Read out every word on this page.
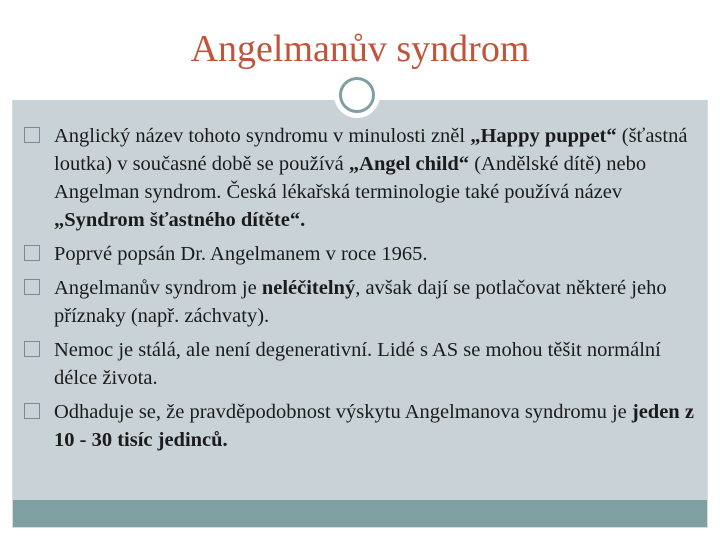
Angelmanův syndrom
Anglický název tohoto syndromu v minulosti zněl „Happy puppet“ (šťastná loutka) v současné době se používá „Angel child“ (Andělské dítě) nebo Angelman syndrom. Česká lékařská terminologie také používá název „Syndrom šťastného dítěte“.
Poprvé popsán Dr. Angelmanem v roce 1965.
Angelmanův syndrom je neléčitelný, avšak dají se potlačovat některé jeho příznaky (např. záchvaty).
Nemoc je stálá, ale není degenerativní. Lidé s AS se mohou těšit normální délce života.
Odhaduje se, že pravděpodobnost výskytu Angelmanova syndromu je jeden z 10 - 30 tisíc jedinců.
